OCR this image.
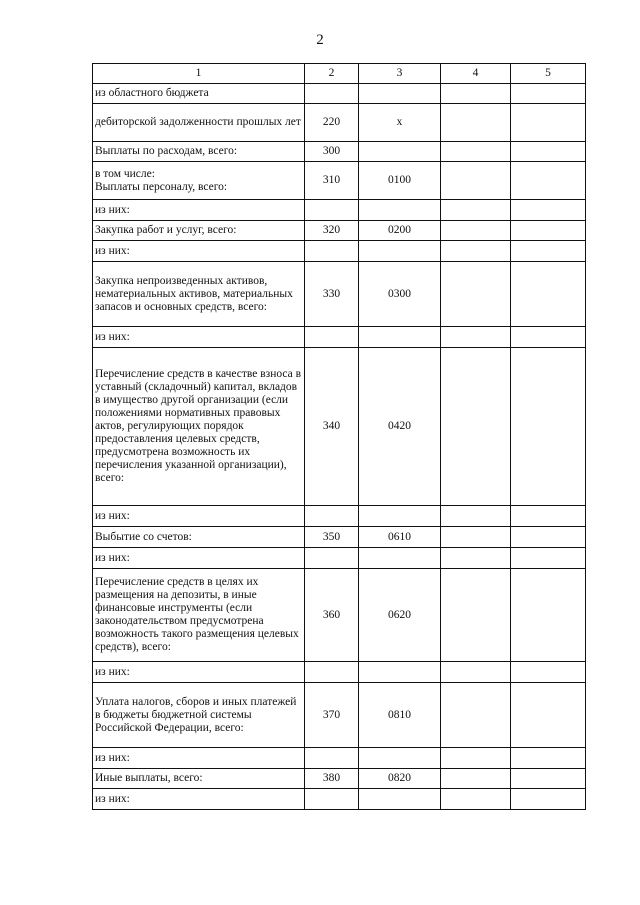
2
1	2	3	4	5
из областного бюджета				
дебиторской задолженности прошлых лет	220	x		
Выплаты по расходам, всего:	300			
в том числе:
Выплаты персоналу, всего:	310	0100		
из них:				
Закупка работ и услуг, всего:	320	0200		
из них:				
Закупка непроизведенных активов, нематериальных активов, материальных запасов и основных средств, всего:	330	0300		
из них:				
Перечисление средств в качестве взноса в уставный (складочный) капитал, вкладов в имущество другой организации (если положениями нормативных правовых актов, регулирующих порядок предоставления целевых средств, предусмотрена возможность их перечисления указанной организации), всего:	340	0420		
из них:				
Выбытие со счетов:	350	0610		
из них:				
Перечисление средств в целях их размещения на депозиты, в иные финансовые инструменты (если законодательством предусмотрена возможность такого размещения целевых средств), всего:	360	0620		
из них:				
Уплата налогов, сборов и иных платежей в бюджеты бюджетной системы Российской Федерации, всего:	370	0810		
из них:				
Иные выплаты, всего:	380	0820		
из них:				
